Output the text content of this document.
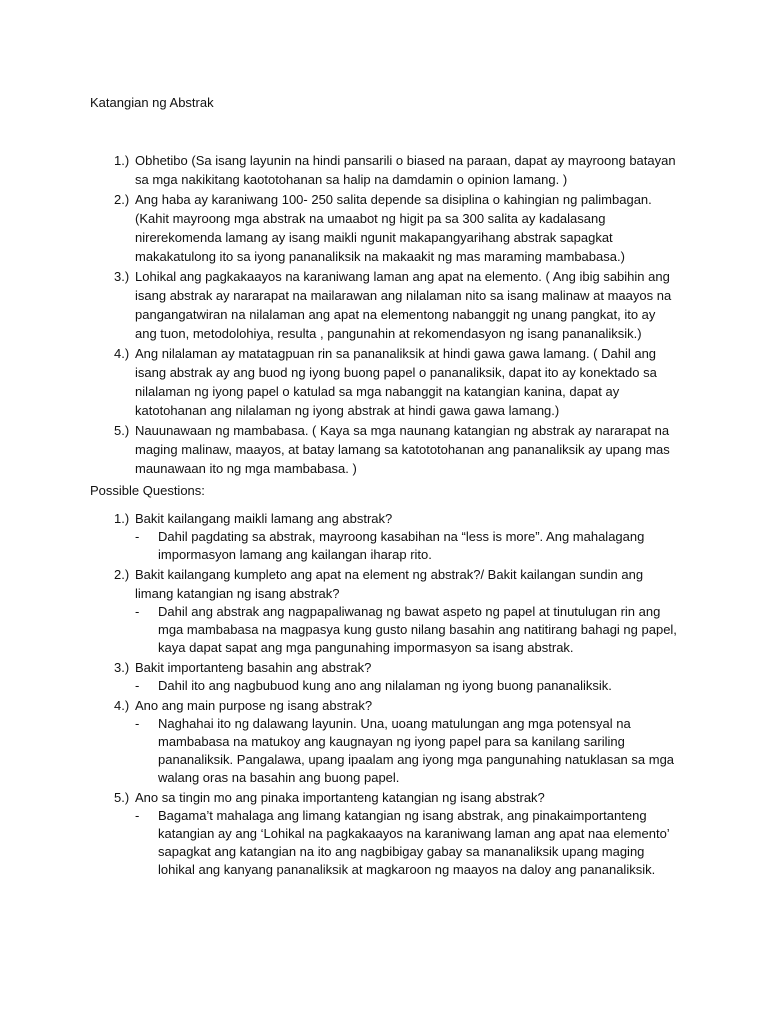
Katangian ng Abstrak
1.) Obhetibo (Sa isang layunin na hindi pansarili o biased na paraan, dapat ay mayroong batayan sa mga nakikitang kaototohanan sa halip na damdamin o opinion lamang. )
2.) Ang haba ay karaniwang 100- 250 salita depende sa disiplina o kahingian ng palimbagan. (Kahit mayroong mga abstrak na umaabot ng higit pa sa 300 salita ay kadalasang nirerekomenda lamang ay isang maikli ngunit makapangyarihang abstrak sapagkat makakatulong ito sa iyong pananaliksik na makaakit ng mas maraming mambabasa.)
3.) Lohikal ang pagkakaayos na karaniwang laman ang apat na elemento. ( Ang ibig sabihin ang isang abstrak ay nararapat na mailarawan ang nilalaman nito sa isang malinaw at maayos na pangangatwiran na nilalaman ang apat na elementong nabanggit ng unang pangkat, ito ay ang tuon, metodolohiya, resulta , pangunahin at rekomendasyon ng isang pananaliksik.)
4.) Ang nilalaman ay matatagpuan rin sa pananaliksik at hindi gawa gawa lamang. ( Dahil ang isang abstrak ay ang buod ng iyong buong papel o pananaliksik, dapat ito ay konektado sa nilalaman ng iyong papel o katulad sa mga nabanggit na katangian kanina, dapat ay katotohanan ang nilalaman ng iyong abstrak at hindi gawa gawa lamang.)
5.) Nauunawaan ng mambabasa. ( Kaya sa mga naunang katangian ng abstrak ay nararapat na maging malinaw, maayos, at batay lamang sa katototohanan ang pananaliksik ay upang mas maunawaan ito ng mga mambabasa. )
Possible Questions:
1.) Bakit kailangang maikli lamang ang abstrak?
- Dahil pagdating sa abstrak, mayroong kasabihan na “less is more”. Ang mahalagang impormasyon lamang ang kailangan iharap rito.
2.) Bakit kailangang kumpleto ang apat na element ng abstrak?/ Bakit kailangan sundin ang limang katangian ng isang abstrak?
- Dahil ang abstrak ang nagpapaliwanag ng bawat aspeto ng papel at tinutulugan rin ang mga mambabasa na magpasya kung gusto nilang basahin ang natitirang bahagi ng papel, kaya dapat sapat ang mga pangunahing impormasyon sa isang abstrak.
3.) Bakit importanteng basahin ang abstrak?
- Dahil ito ang nagbubuod kung ano ang nilalaman ng iyong buong pananaliksik.
4.) Ano ang main purpose ng isang abstrak?
- Naghahai ito ng dalawang layunin. Una, uoang matulungan ang mga potensyal na mambabasa na matukoy ang kaugnayan ng iyong papel para sa kanilang sariling pananaliksik. Pangalawa, upang ipaalam ang iyong mga pangunahing natuklasan sa mga walang oras na basahin ang buong papel.
5.) Ano sa tingin mo ang pinaka importanteng katangian ng isang abstrak?
- Bagama’t mahalaga ang limang katangian ng isang abstrak, ang pinakaimportanteng katangian ay ang ‘Lohikal na pagkakaayos na karaniwang laman ang apat naa elemento’ sapagkat ang katangian na ito ang nagbibigay gabay sa mananaliksik upang maging lohikal ang kanyang pananaliksik at magkaroon ng maayos na daloy ang pananaliksik.
